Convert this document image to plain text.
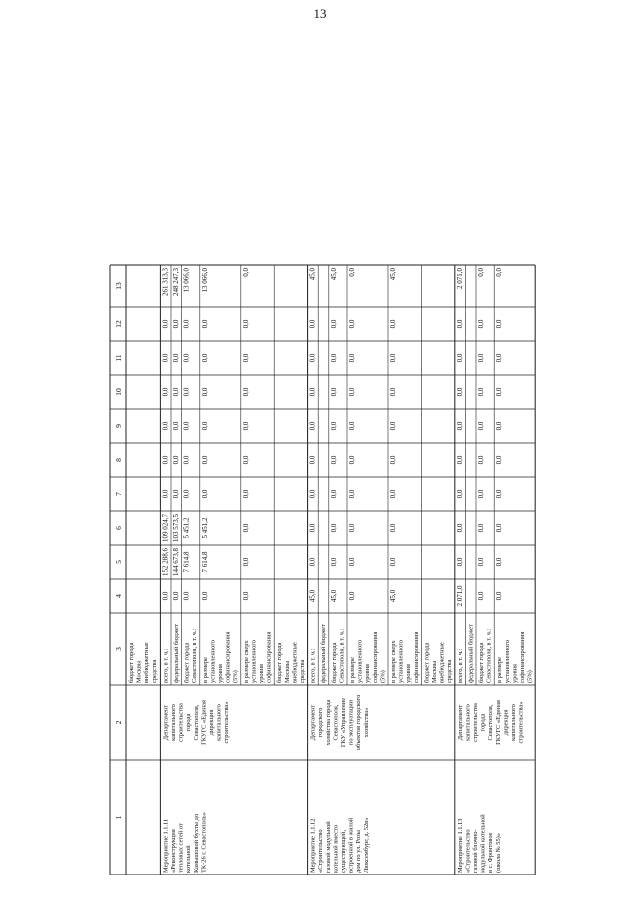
13
1
2
3
4
5
6
7
8
9
10
11
12
13
бюджет города Москвы внебюджетные средства
Мероприятие 1.1.11 «Реконструкция тепловых сетей от котельной Камышовой бухты до ТК-26 г. Севастополь»
Департамент капитального строительства города Севастополя, ГКУГС «Единая дирекция капитального строительства»
всего, в т. ч.:
0,0
152 288,6
109 024,7
0,0
0,0
0,0
0,0
0,0
0,0
261 313,3
федеральный бюджет
0,0
144 673,8
103 573,5
0,0
0,0
0,0
0,0
0,0
0,0
248 247,3
бюджет города Севастополя, в т. ч.:
0,0
7 614,8
5 451,2
0,0
0,0
0,0
0,0
0,0
0,0
13 066,0
в размере установленного уровня софинансирования (5%)
0,0
7 614,8
5 451,2
0,0
0,0
0,0
0,0
0,0
0,0
13 066,0
в размере сверх установленного уровня софинансирования
0,0
0,0
0,0
0,0
0,0
0,0
0,0
0,0
0,0
0,0
бюджет города Москвы внебюджетные средства
Мероприятие 1.1.12 «Строительство газовой модульной котельной вместо существующей, встроенной в жилой дом по ул. Розы Люксембург, д. 52в»
Департамент городского хозяйства города Севастополя, ГКУ «Управление по эксплуатации объектов городского хозяйства»
всего, в т. ч.:
45,0
0,0
0,0
0,0
0,0
0,0
0,0
0,0
0,0
45,0
федеральный бюджет бюджет города Севастополя, в т. ч.:
45,0
0,0
0,0
0,0
0,0
0,0
0,0
0,0
0,0
45,0
в размере установленного уровня софинансирования (5%)
0,0
0,0
0,0
0,0
0,0
0,0
0,0
0,0
0,0
0,0
в размере сверх установленного уровня софинансирования
45,0
0,0
0,0
0,0
0,0
0,0
0,0
0,0
0,0
45,0
бюджет города Москвы внебюджетные средства
Мероприятие 1.1.13 «Строительство газовой блочно- модульной котельной в с. Фронтовое (школа № 55)»
Департамент капитального строительства города Севастополя, ГКУГС «Единая дирекция капитального строительства»
всего, в т. ч.:
2 071,0
0,0
0,0
0,0
0,0
0,0
0,0
0,0
0,0
2 071,0
федеральный бюджет бюджет города Севастополя, в т. ч.:
0,0
0,0
0,0
0,0
0,0
0,0
0,0
0,0
0,0
0,0
в размере установленного уровня софинансирования (5%)
0,0
0,0
0,0
0,0
0,0
0,0
0,0
0,0
0,0
0,0
